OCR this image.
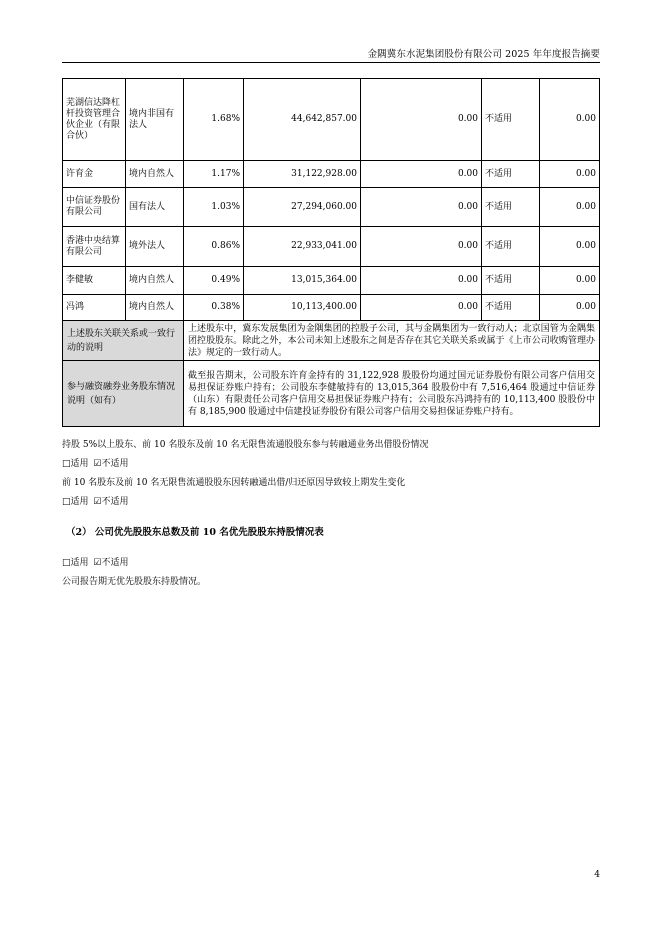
金隅冀东水泥集团股份有限公司 2025 年年度报告摘要
芜湖信达降杠杆投资管理合伙企业（有限合伙）	境内非国有法人	1.68%	44,642,857.00	0.00	不适用	0.00
许育金	境内自然人	1.17%	31,122,928.00	0.00	不适用	0.00
中信证券股份有限公司	国有法人	1.03%	27,294,060.00	0.00	不适用	0.00
香港中央结算有限公司	境外法人	0.86%	22,933,041.00	0.00	不适用	0.00
李健敏	境内自然人	0.49%	13,015,364.00	0.00	不适用	0.00
冯鸿	境内自然人	0.38%	10,113,400.00	0.00	不适用	0.00
上述股东关联关系或一致行动的说明		上述股东中，冀东发展集团为金隅集团的控股子公司，其与金隅集团为一致行动人；北京国管为金隅集团控股股东。除此之外，本公司未知上述股东之间是否存在其它关联关系或属于《上市公司收购管理办法》规定的一致行动人。				
参与融资融券业务股东情况说明（如有）		截至报告期末，公司股东许育金持有的 31,122,928 股股份均通过国元证券股份有限公司客户信用交易担保证券账户持有；公司股东李健敏持有的 13,015,364 股股份中有 7,516,464 股通过中信证券（山东）有限责任公司客户信用交易担保证券账户持有；公司股东冯鸿持有的 10,113,400 股股份中有 8,185,900 股通过中信建投证券股份有限公司客户信用交易担保证券账户持有。				
持股 5%以上股东、前 10 名股东及前 10 名无限售流通股股东参与转融通业务出借股份情况
□适用 ☑不适用
前 10 名股东及前 10 名无限售流通股股东因转融通出借/归还原因导致较上期发生变化
□适用 ☑不适用
（2） 公司优先股股东总数及前 10 名优先股股东持股情况表
□适用 ☑不适用
公司报告期无优先股股东持股情况。
4
